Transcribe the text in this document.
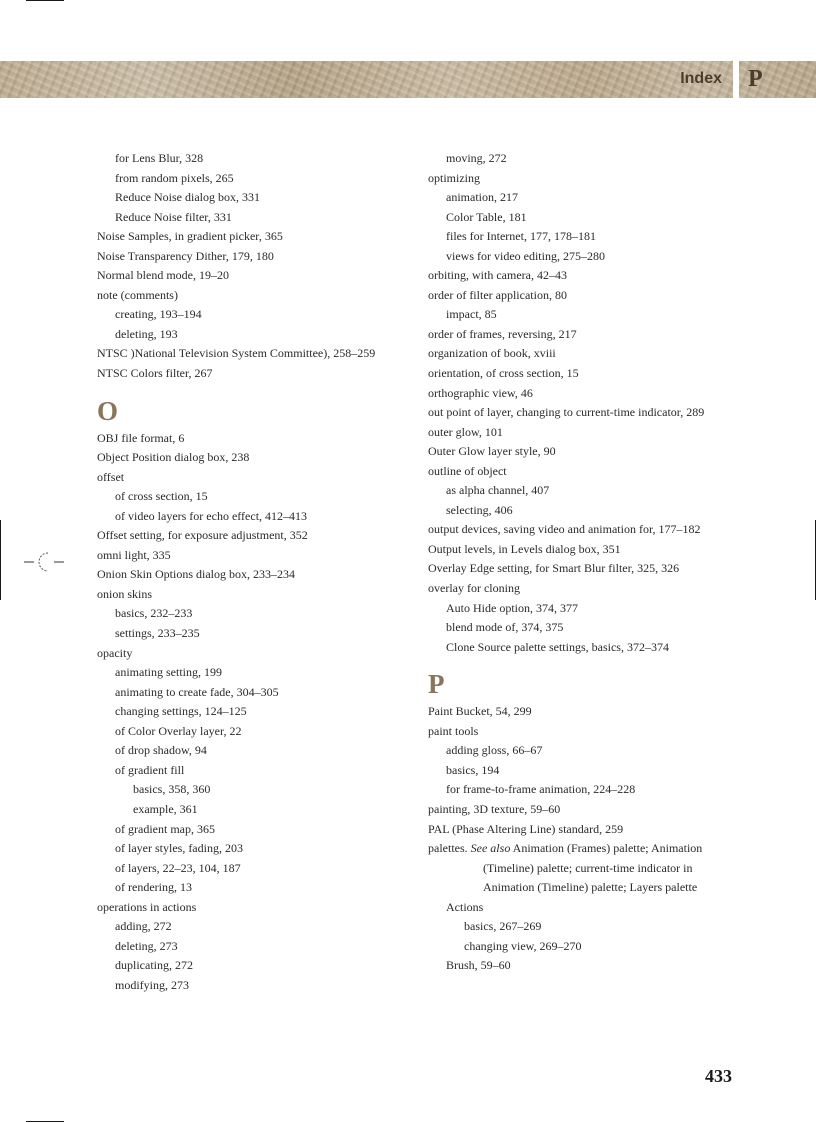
Index P
for Lens Blur, 328
from random pixels, 265
Reduce Noise dialog box, 331
Reduce Noise filter, 331
Noise Samples, in gradient picker, 365
Noise Transparency Dither, 179, 180
Normal blend mode, 19–20
note (comments)
creating, 193–194
deleting, 193
NTSC )National Television System Committee), 258–259
NTSC Colors filter, 267
O
OBJ file format, 6
Object Position dialog box, 238
offset
of cross section, 15
of video layers for echo effect, 412–413
Offset setting, for exposure adjustment, 352
omni light, 335
Onion Skin Options dialog box, 233–234
onion skins
basics, 232–233
settings, 233–235
opacity
animating setting, 199
animating to create fade, 304–305
changing settings, 124–125
of Color Overlay layer, 22
of drop shadow, 94
of gradient fill
basics, 358, 360
example, 361
of gradient map, 365
of layer styles, fading, 203
of layers, 22–23, 104, 187
of rendering, 13
operations in actions
adding, 272
deleting, 273
duplicating, 272
modifying, 273
moving, 272
optimizing
animation, 217
Color Table, 181
files for Internet, 177, 178–181
views for video editing, 275–280
orbiting, with camera, 42–43
order of filter application, 80
impact, 85
order of frames, reversing, 217
organization of book, xviii
orientation, of cross section, 15
orthographic view, 46
out point of layer, changing to current-time indicator, 289
outer glow, 101
Outer Glow layer style, 90
outline of object
as alpha channel, 407
selecting, 406
output devices, saving video and animation for, 177–182
Output levels, in Levels dialog box, 351
Overlay Edge setting, for Smart Blur filter, 325, 326
overlay for cloning
Auto Hide option, 374, 377
blend mode of, 374, 375
Clone Source palette settings, basics, 372–374
P
Paint Bucket, 54, 299
paint tools
adding gloss, 66–67
basics, 194
for frame-to-frame animation, 224–228
painting, 3D texture, 59–60
PAL (Phase Altering Line) standard, 259
palettes. See also Animation (Frames) palette; Animation
(Timeline) palette; current-time indicator in
Animation (Timeline) palette; Layers palette
Actions
basics, 267–269
changing view, 269–270
Brush, 59–60
433
